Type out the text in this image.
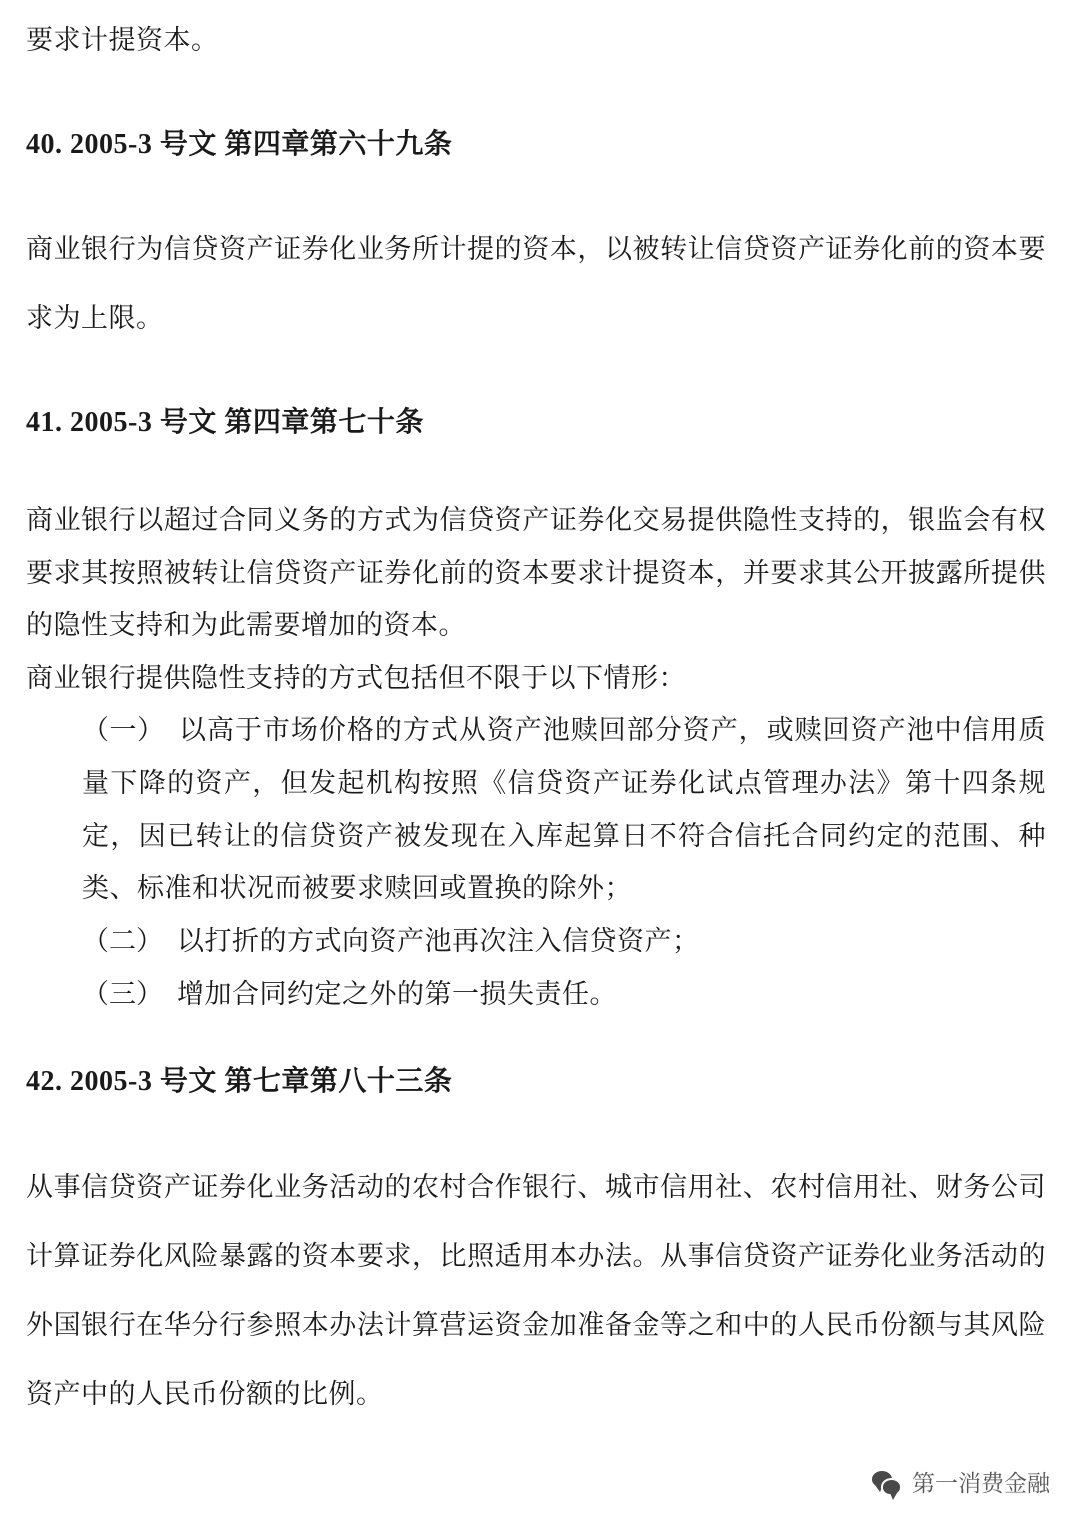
要求计提资本。

40. 2005-3 号文 第四章第六十九条

商业银行为信贷资产证券化业务所计提的资本，以被转让信贷资产证券化前的资本要求为上限。

41. 2005-3 号文 第四章第七十条

商业银行以超过合同义务的方式为信贷资产证券化交易提供隐性支持的，银监会有权要求其按照被转让信贷资产证券化前的资本要求计提资本，并要求其公开披露所提供的隐性支持和为此需要增加的资本。

商业银行提供隐性支持的方式包括但不限于以下情形：

（一）　 以高于市场价格的方式从资产池赎回部分资产，或赎回资产池中信用质量下降的资产，但发起机构按照《信贷资产证券化试点管理办法》第十四条规定，因已转让的信贷资产被发现在入库起算日不符合信托合同约定的范围、种类、标准和状况而被要求赎回或置换的除外；

（二）　 以打折的方式向资产池再次注入信贷资产；

（三）　 增加合同约定之外的第一损失责任。

42. 2005-3 号文 第七章第八十三条

从事信贷资产证券化业务活动的农村合作银行、城市信用社、农村信用社、财务公司计算证券化风险暴露的资本要求，比照适用本办法。从事信贷资产证券化业务活动的外国银行在华分行参照本办法计算营运资金加准备金等之和中的人民币份额与其风险资产中的人民币份额的比例。

第一消费金融
